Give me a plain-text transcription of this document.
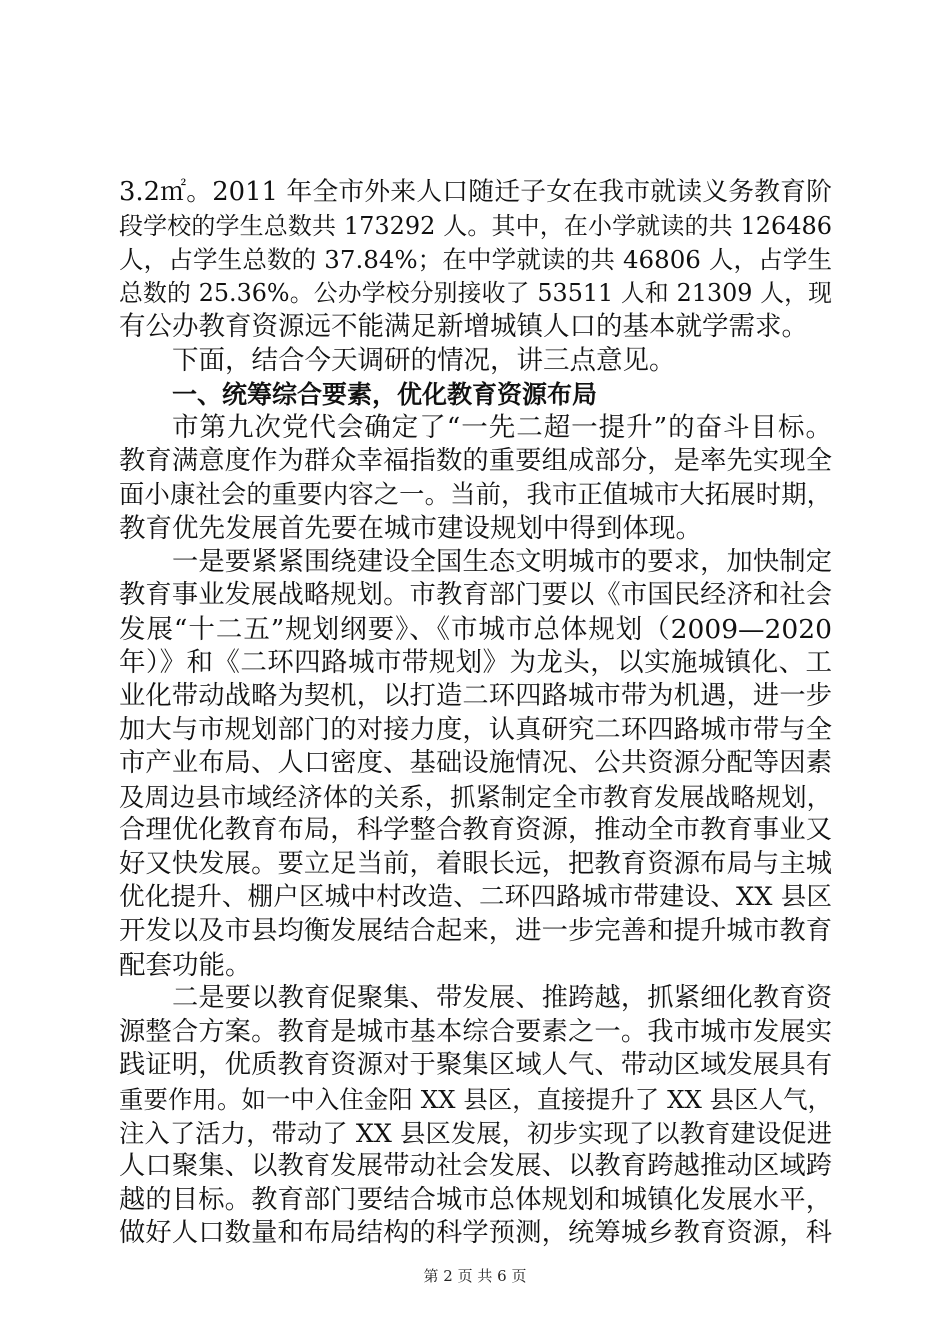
3.2㎡。2011 年全市外来人口随迁子女在我市就读义务教育阶
段学校的学生总数共 173292 人。其中，在小学就读的共 126486
人，占学生总数的 37.84%；在中学就读的共 46806 人，占学生
总数的 25.36%。公办学校分别接收了 53511 人和 21309 人，现
有公办教育资源远不能满足新增城镇人口的基本就学需求。
下面，结合今天调研的情况，讲三点意见。
一、统筹综合要素，优化教育资源布局
市第九次党代会确定了“一先二超一提升”的奋斗目标。
教育满意度作为群众幸福指数的重要组成部分，是率先实现全
面小康社会的重要内容之一。当前，我市正值城市大拓展时期，
教育优先发展首先要在城市建设规划中得到体现。
一是要紧紧围绕建设全国生态文明城市的要求，加快制定
教育事业发展战略规划。市教育部门要以《市国民经济和社会
发展“十二五”规划纲要》、《市城市总体规划（2009—2020
年）》和《二环四路城市带规划》为龙头，以实施城镇化、工
业化带动战略为契机，以打造二环四路城市带为机遇，进一步
加大与市规划部门的对接力度，认真研究二环四路城市带与全
市产业布局、人口密度、基础设施情况、公共资源分配等因素
及周边县市域经济体的关系，抓紧制定全市教育发展战略规划，
合理优化教育布局，科学整合教育资源，推动全市教育事业又
好又快发展。要立足当前，着眼长远，把教育资源布局与主城
优化提升、棚户区城中村改造、二环四路城市带建设、XX 县区
开发以及市县均衡发展结合起来，进一步完善和提升城市教育
配套功能。
二是要以教育促聚集、带发展、推跨越，抓紧细化教育资
源整合方案。教育是城市基本综合要素之一。我市城市发展实
践证明，优质教育资源对于聚集区域人气、带动区域发展具有
重要作用。如一中入住金阳 XX 县区，直接提升了 XX 县区人气，
注入了活力，带动了 XX 县区发展，初步实现了以教育建设促进
人口聚集、以教育发展带动社会发展、以教育跨越推动区域跨
越的目标。教育部门要结合城市总体规划和城镇化发展水平，
做好人口数量和布局结构的科学预测，统筹城乡教育资源，科
第 2 页 共 6 页
